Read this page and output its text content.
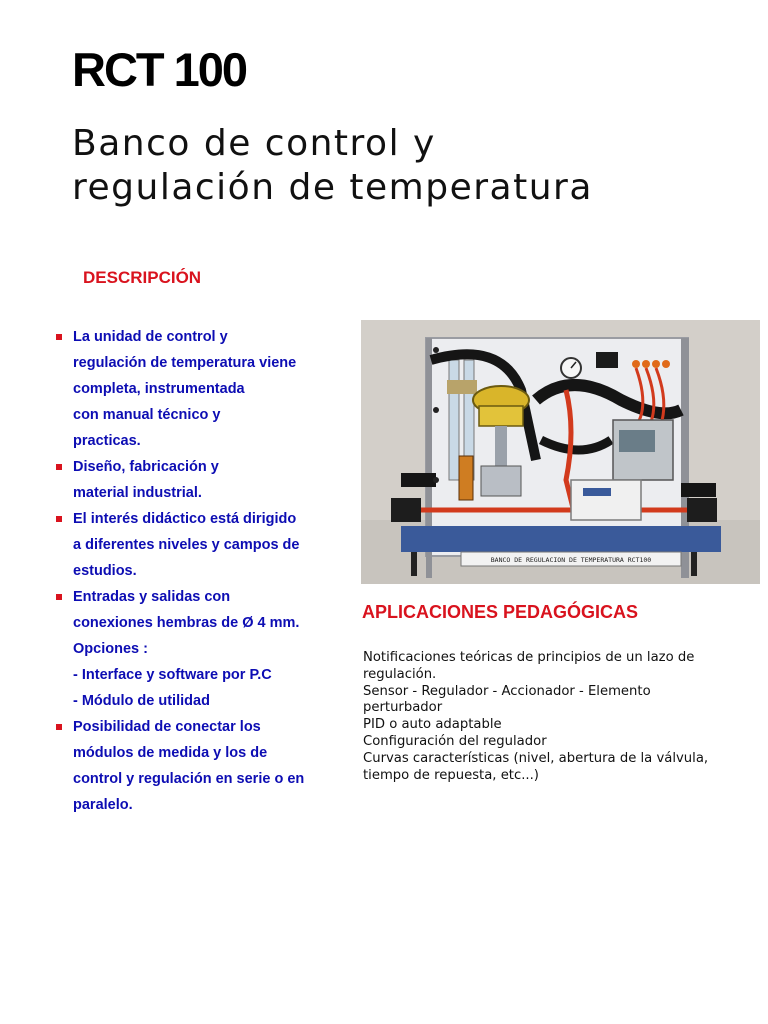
RCT 100
Banco de control y
regulación de temperatura
DESCRIPCIÓN
La unidad de control y
regulación de temperatura viene
completa, instrumentada
con manual técnico y
practicas.
Diseño, fabricación y
material industrial.
El interés didáctico está dirigido
a diferentes niveles y campos de
estudios.
Entradas y salidas con
conexiones hembras de Ø 4 mm.
Opciones :
- Interface y software por P.C
- Módulo de utilidad
Posibilidad de conectar los
módulos de medida y los de
control y regulación en serie o en
paralelo.
BANCO DE REGULACION DE TEMPERATURA RCT100
APLICACIONES PEDAGÓGICAS
Notificaciones teóricas de principios de un lazo de
regulación.
Sensor - Regulador - Accionador - Elemento
perturbador
PID o auto adaptable
Configuración del regulador
Curvas características (nivel, abertura de la válvula,
tiempo de repuesta, etc...)
